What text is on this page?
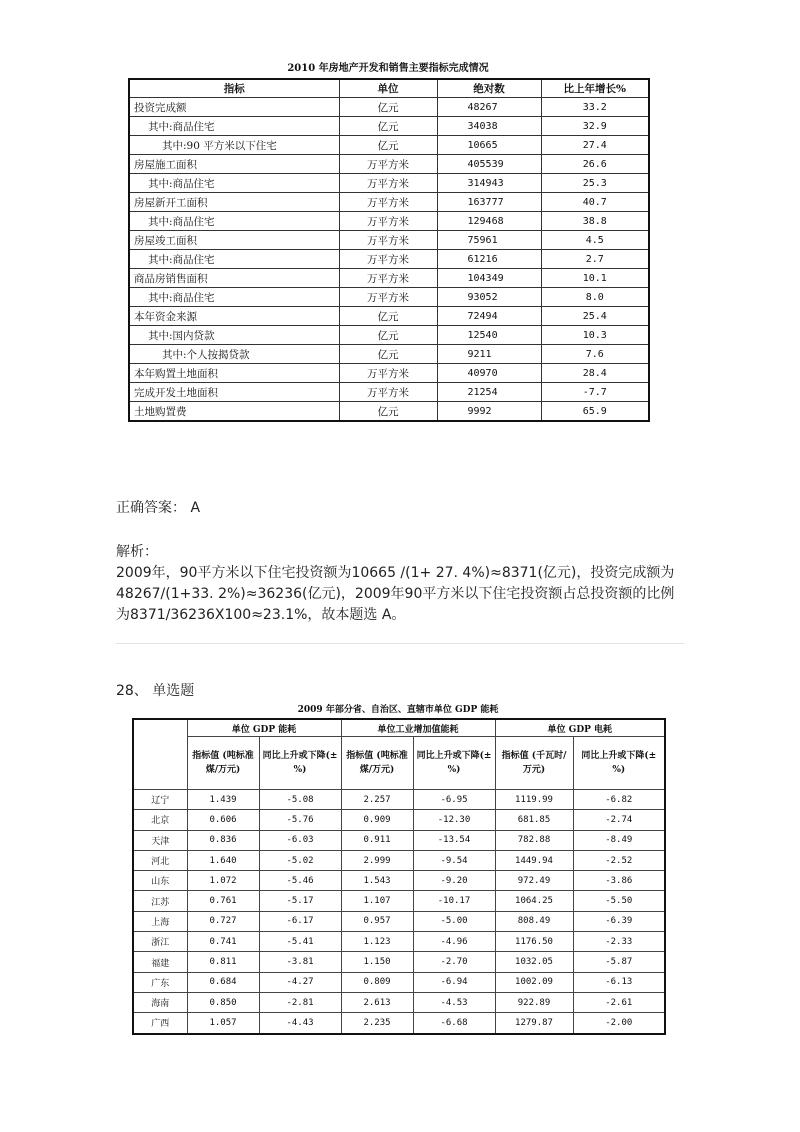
2010 年房地产开发和销售主要指标完成情况
指标	单位	绝对数	比上年增长%
投资完成额	亿元	48267	33.2
其中:商品住宅	亿元	34038	32.9
其中:90 平方米以下住宅	亿元	10665	27.4
房屋施工面积	万平方米	405539	26.6
其中:商品住宅	万平方米	314943	25.3
房屋新开工面积	万平方米	163777	40.7
其中:商品住宅	万平方米	129468	38.8
房屋竣工面积	万平方米	75961	4.5
其中:商品住宅	万平方米	61216	2.7
商品房销售面积	万平方米	104349	10.1
其中:商品住宅	万平方米	93052	8.0
本年资金来源	亿元	72494	25.4
其中:国内贷款	亿元	12540	10.3
其中:个人按揭贷款	亿元	9211	7.6
本年购置土地面积	万平方米	40970	28.4
完成开发土地面积	万平方米	21254	-7.7
土地购置费	亿元	9992	65.9
正确答案： A
解析：
2009年，90平方米以下住宅投资额为10665 /(1+ 27. 4%)≈8371(亿元)，投资完成额为48267/(1+33. 2%)≈36236(亿元)，2009年90平方米以下住宅投资额占总投资额的比例为8371/36236X100≈23.1%，故本题选 A。
28、 单选题
2009 年部分省、自治区、直辖市单位 GDP 能耗
	单位 GDP 能耗		单位工业增加值能耗		单位 GDP 电耗	
	指标值 (吨标准煤/万元)	同比上升或下降(±%)	指标值 (吨标准煤/万元)	同比上升或下降(±%)	指标值 (千瓦时/万元)	同比上升或下降(±%)
辽宁	1.439	-5.08	2.257	-6.95	1119.99	-6.82
北京	0.606	-5.76	0.909	-12.30	681.85	-2.74
天津	0.836	-6.03	0.911	-13.54	782.88	-8.49
河北	1.640	-5.02	2.999	-9.54	1449.94	-2.52
山东	1.072	-5.46	1.543	-9.20	972.49	-3.86
江苏	0.761	-5.17	1.107	-10.17	1064.25	-5.50
上海	0.727	-6.17	0.957	-5.00	808.49	-6.39
浙江	0.741	-5.41	1.123	-4.96	1176.50	-2.33
福建	0.811	-3.81	1.150	-2.70	1032.05	-5.87
广东	0.684	-4.27	0.809	-6.94	1002.09	-6.13
海南	0.850	-2.81	2.613	-4.53	922.89	-2.61
广西	1.057	-4.43	2.235	-6.68	1279.87	-2.00
